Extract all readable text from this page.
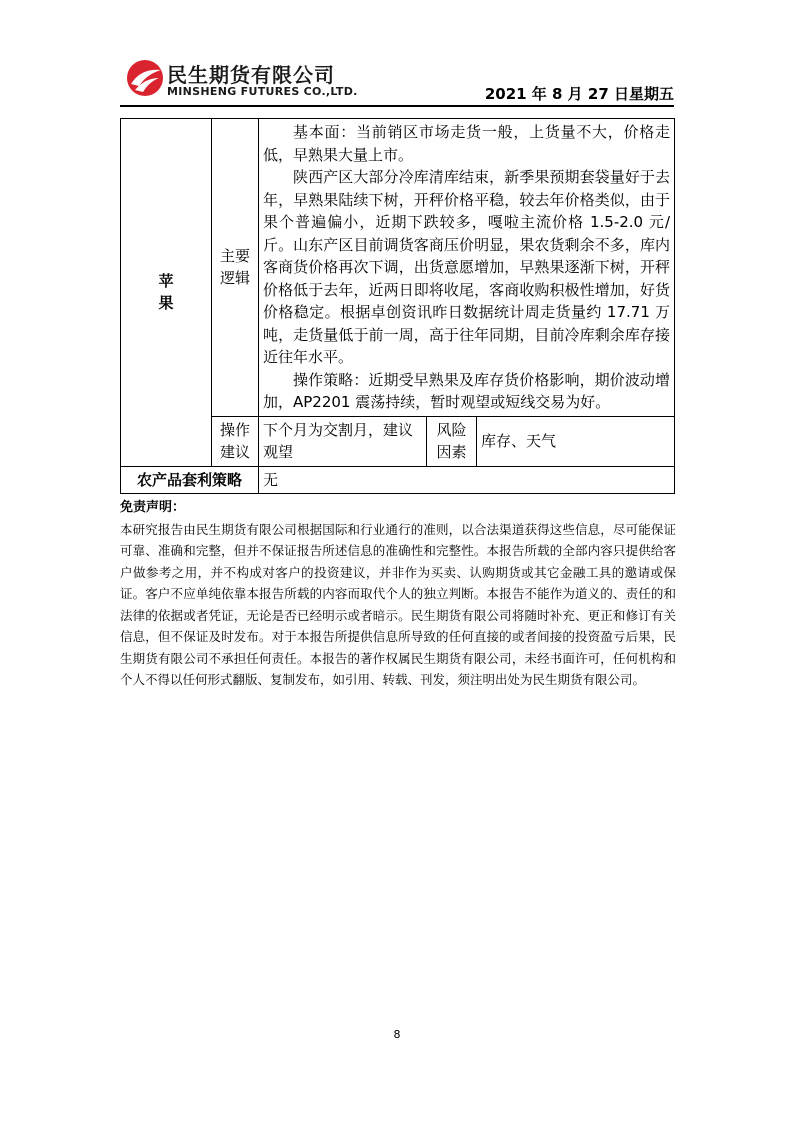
民生期货有限公司
MINSHENG FUTURES CO.,LTD.	2021 年 8 月 27 日星期五
苹果	主要逻辑	基本面：当前销区市场走货一般，上货量不大，价格走低，早熟果大量上市。

陕西产区大部分冷库清库结束，新季果预期套袋量好于去年，早熟果陆续下树，开秤价格平稳，较去年价格类似，由于果个普遍偏小，近期下跌较多，嘎啦主流价格 1.5-2.0 元/斤。山东产区目前调货客商压价明显，果农货剩余不多，库内客商货价格再次下调，出货意愿增加，早熟果逐渐下树，开秤价格低于去年，近两日即将收尾，客商收购积极性增加，好货价格稳定。根据卓创资讯昨日数据统计周走货量约 17.71 万吨，走货量低于前一周，高于往年同期，目前冷库剩余库存接近往年水平。

操作策略：近期受早熟果及库存货价格影响，期价波动增加，AP2201 震荡持续，暂时观望或短线交易为好。		

	操作建议	下个月为交割月，建议观望	风险因素	库存、天气
农产品套利策略		无		
免责声明：
本研究报告由民生期货有限公司根据国际和行业通行的准则，以合法渠道获得这些信息，尽可能保证可靠、准确和完整，但并不保证报告所述信息的准确性和完整性。本报告所载的全部内容只提供给客户做参考之用，并不构成对客户的投资建议，并非作为买卖、认购期货或其它金融工具的邀请或保证。客户不应单纯依靠本报告所载的内容而取代个人的独立判断。本报告不能作为道义的、责任的和法律的依据或者凭证，无论是否已经明示或者暗示。民生期货有限公司将随时补充、更正和修订有关信息，但不保证及时发布。对于本报告所提供信息所导致的任何直接的或者间接的投资盈亏后果，民生期货有限公司不承担任何责任。本报告的著作权属民生期货有限公司，未经书面许可，任何机构和个人不得以任何形式翻版、复制发布，如引用、转载、刊发，须注明出处为民生期货有限公司。
8
